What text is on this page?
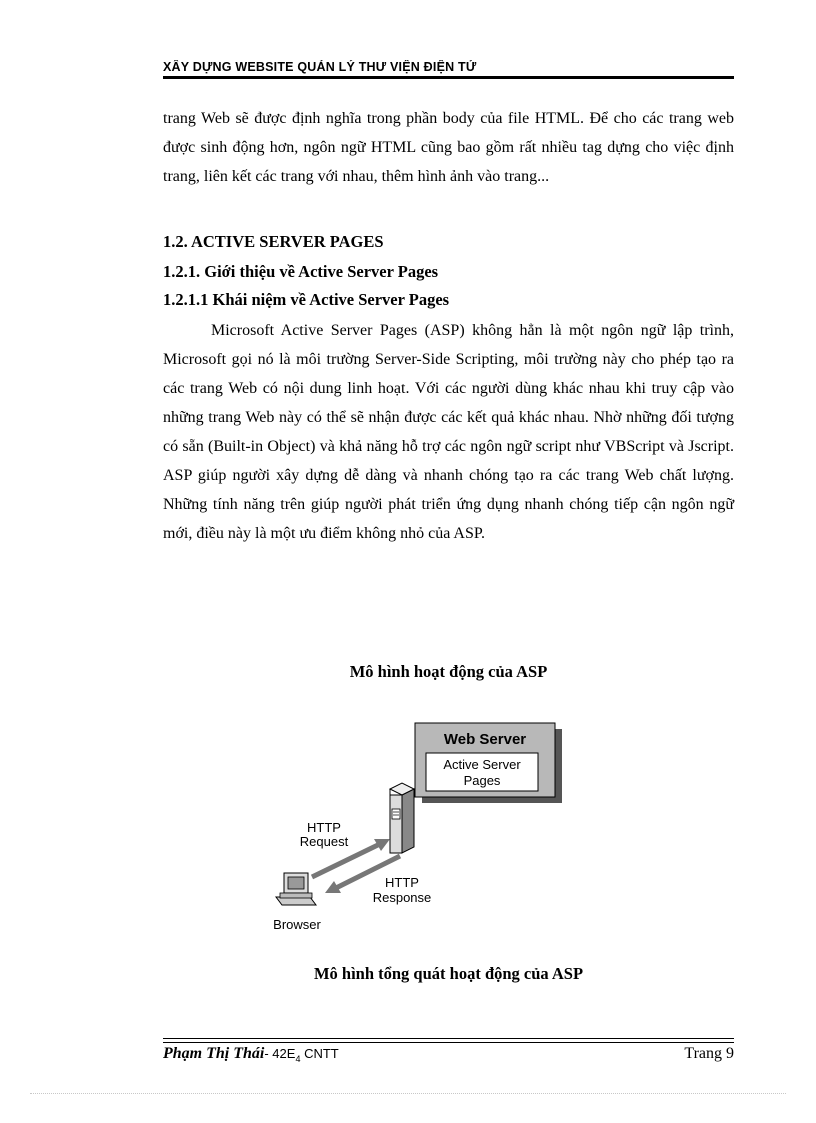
XÂY DỰNG WEBSITE QUẢN LÝ THƯ VIỆN ĐIỆN TỬ
trang Web sẽ được định nghĩa trong phần body của file HTML. Để cho các trang web được sinh động hơn, ngôn ngữ HTML cũng bao gồm rất nhiều tag dựng cho việc định trang, liên kết các trang với nhau, thêm hình ảnh vào trang...
1.2. ACTIVE SERVER PAGES
1.2.1. Giới thiệu về Active Server Pages
1.2.1.1 Khái niệm về Active Server Pages
Microsoft Active Server Pages (ASP) không hẳn là một ngôn ngữ lập trình, Microsoft gọi nó là môi trường Server-Side Scripting, môi trường này cho phép tạo ra các trang Web có nội dung linh hoạt. Với các người dùng khác nhau khi truy cập vào những trang Web này có thể sẽ nhận được các kết quả khác nhau. Nhờ những đối tượng có sẵn (Built-in Object) và khả năng hỗ trợ các ngôn ngữ script như VBScript và Jscript. ASP giúp người xây dựng dễ dàng và nhanh chóng tạo ra các trang Web chất lượng. Những tính năng trên giúp người phát triển ứng dụng nhanh chóng tiếp cận ngôn ngữ mới, điều này là một ưu điểm không nhỏ của ASP.
Mô hình hoạt động của ASP
Web Server
Active Server
Pages
HTTP
Request
HTTP
Response
Browser
Mô hình tổng quát hoạt động của ASP
Phạm Thị Thái- $42E_4$ CNTT	Trang 9
